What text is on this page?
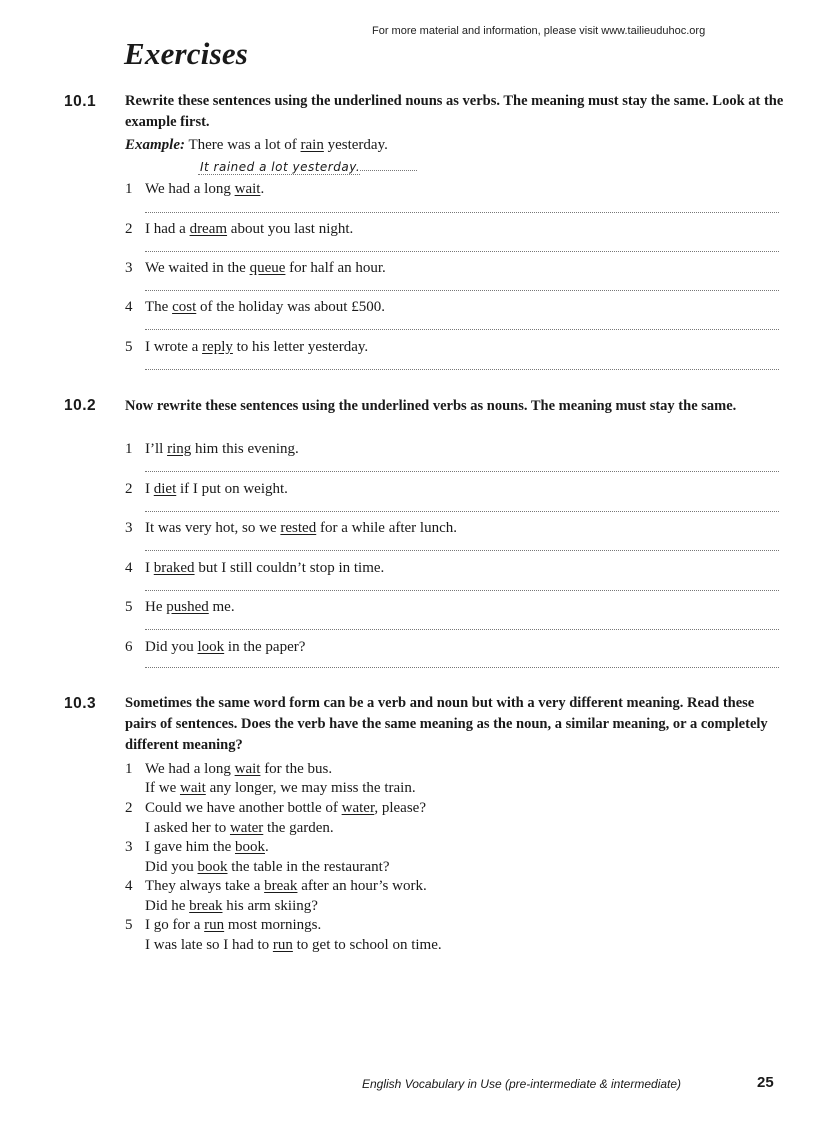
For more material and information, please visit www.tailieuduhoc.org
Exercises
10.1 Rewrite these sentences using the underlined nouns as verbs. The meaning must stay the same. Look at the example first.
Example: There was a lot of rain yesterday.
It rained a lot yesterday.
1 We had a long wait.
2 I had a dream about you last night.
3 We waited in the queue for half an hour.
4 The cost of the holiday was about £500.
5 I wrote a reply to his letter yesterday.
10.2 Now rewrite these sentences using the underlined verbs as nouns. The meaning must stay the same.
1 I’ll ring him this evening.
2 I diet if I put on weight.
3 It was very hot, so we rested for a while after lunch.
4 I braked but I still couldn’t stop in time.
5 He pushed me.
6 Did you look in the paper?
10.3 Sometimes the same word form can be a verb and noun but with a very different meaning. Read these pairs of sentences. Does the verb have the same meaning as the noun, a similar meaning, or a completely different meaning?
1 We had a long wait for the bus.
If we wait any longer, we may miss the train.
2 Could we have another bottle of water, please?
I asked her to water the garden.
3 I gave him the book.
Did you book the table in the restaurant?
4 They always take a break after an hour’s work.
Did he break his arm skiing?
5 I go for a run most mornings.
I was late so I had to run to get to school on time.
English Vocabulary in Use (pre-intermediate & intermediate)	25
